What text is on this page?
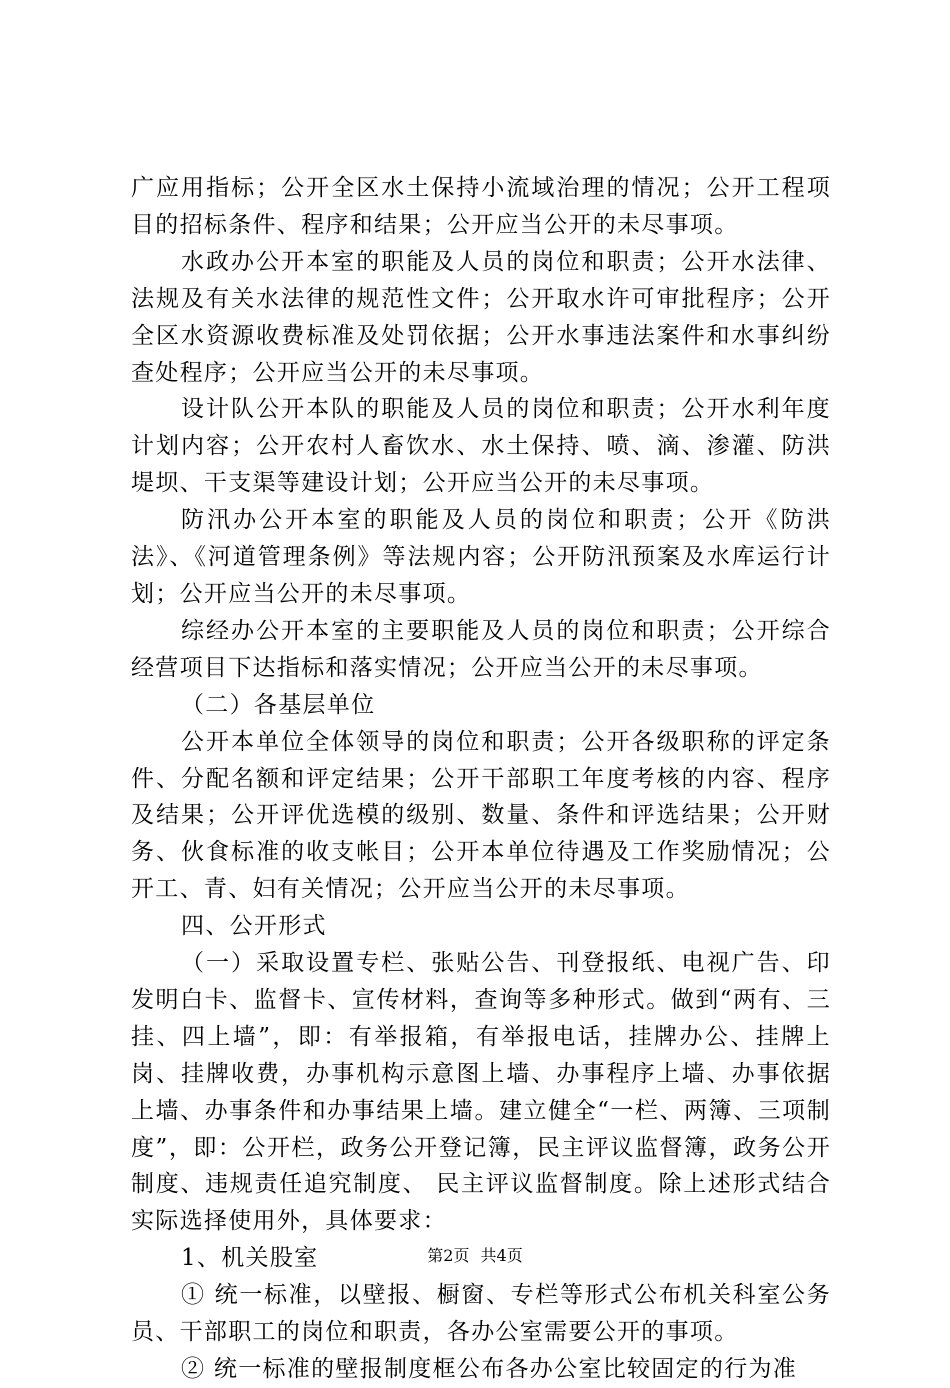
广应用指标；公开全区水土保持小流域治理的情况；公开工程项目的招标条件、程序和结果；公开应当公开的未尽事项。

水政办公开本室的职能及人员的岗位和职责；公开水法律、法规及有关水法律的规范性文件；公开取水许可审批程序；公开全区水资源收费标准及处罚依据；公开水事违法案件和水事纠纷查处程序；公开应当公开的未尽事项。

设计队公开本队的职能及人员的岗位和职责；公开水利年度计划内容；公开农村人畜饮水、水土保持、喷、滴、渗灌、防洪堤坝、干支渠等建设计划；公开应当公开的未尽事项。

防汛办公开本室的职能及人员的岗位和职责；公开《防洪法》、《河道管理条例》等法规内容；公开防汛预案及水库运行计划；公开应当公开的未尽事项。

综经办公开本室的主要职能及人员的岗位和职责；公开综合经营项目下达指标和落实情况；公开应当公开的未尽事项。

（二）各基层单位

公开本单位全体领导的岗位和职责；公开各级职称的评定条件、分配名额和评定结果；公开干部职工年度考核的内容、程序及结果；公开评优选模的级别、数量、条件和评选结果；公开财务、伙食标准的收支帐目；公开本单位待遇及工作奖励情况；公开工、青、妇有关情况；公开应当公开的未尽事项。

四、公开形式

（一）采取设置专栏、张贴公告、刊登报纸、电视广告、印发明白卡、监督卡、宣传材料，查询等多种形式。做到“两有、三挂、四上墙”，即：有举报箱，有举报电话，挂牌办公、挂牌上岗、挂牌收费，办事机构示意图上墙、办事程序上墙、办事依据上墙、办事条件和办事结果上墙。建立健全“一栏、两簿、三项制度”，即：公开栏，政务公开登记簿，民主评议监督簿，政务公开制度、违规责任追究制度、 民主评议监督制度。除上述形式结合实际选择使用外，具体要求：

1、机关股室

① 统一标准，以壁报、橱窗、专栏等形式公布机关科室公务员、干部职工的岗位和职责，各办公室需要公开的事项。

② 统一标准的壁报制度框公布各办公室比较固定的行为准

第2页 共4页
